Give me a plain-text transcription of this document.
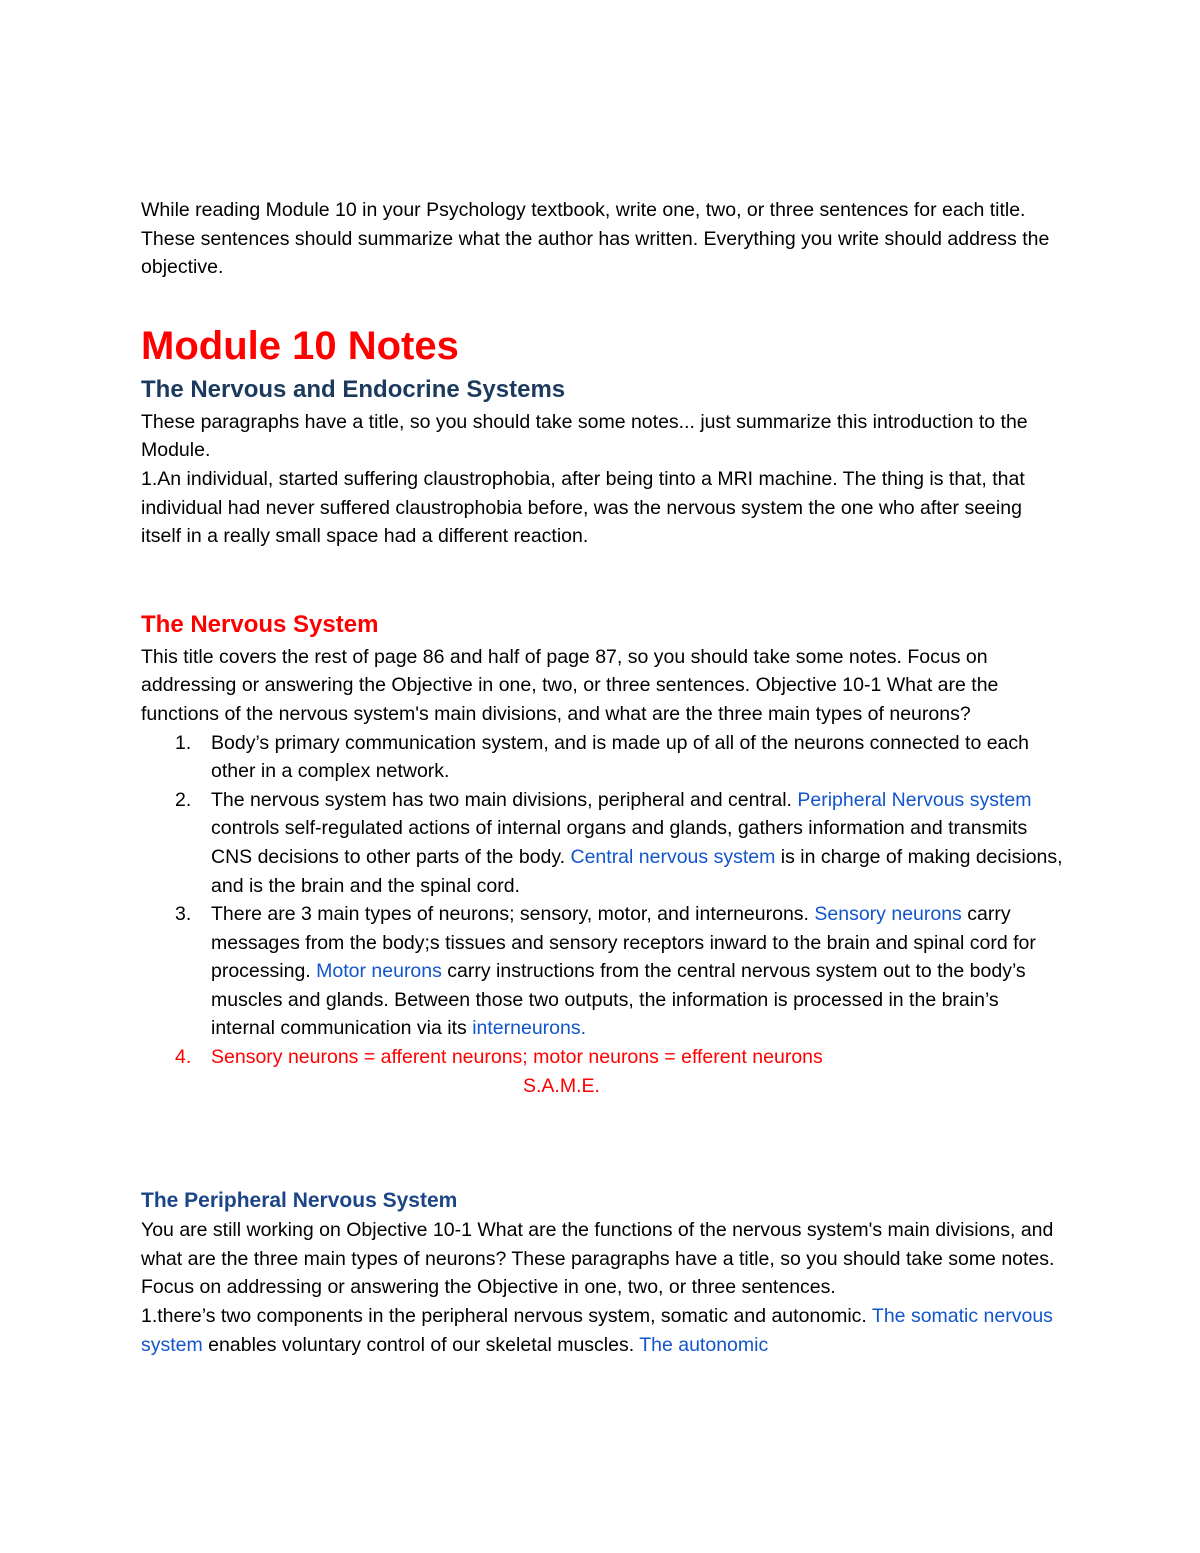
While reading Module 10 in your Psychology textbook, write one, two, or three sentences for each title. These sentences should summarize what the author has written. Everything you write should address the objective.

Module 10 Notes
The Nervous and Endocrine Systems

These paragraphs have a title, so you should take some notes... just summarize this introduction to the Module.

1.An individual, started suffering claustrophobia, after being tinto a MRI machine. The thing is that, that individual had never suffered claustrophobia before, was the nervous system the one who after seeing itself in a really small space had a different reaction.

The Nervous System

This title covers the rest of page 86 and half of page 87, so you should take some notes. Focus on addressing or answering the Objective in one, two, or three sentences. Objective 10-1 What are the functions of the nervous system's main divisions, and what are the three main types of neurons?

1. Body’s primary communication system, and is made up of all of the neurons connected to each other in a complex network.
2. The nervous system has two main divisions, peripheral and central. Peripheral Nervous system controls self-regulated actions of internal organs and glands, gathers information and transmits CNS decisions to other parts of the body. Central nervous system is in charge of making decisions, and is the brain and the spinal cord.
3. There are 3 main types of neurons; sensory, motor, and interneurons. Sensory neurons carry messages from the body;s tissues and sensory receptors inward to the brain and spinal cord for processing. Motor neurons carry instructions from the central nervous system out to the body’s muscles and glands. Between those two outputs, the information is processed in the brain’s internal communication via its interneurons.
4. Sensory neurons = afferent neurons; motor neurons = efferent neurons

S.A.M.E.

The Peripheral Nervous System

You are still working on Objective 10-1 What are the functions of the nervous system's main divisions, and what are the three main types of neurons? These paragraphs have a title, so you should take some notes. Focus on addressing or answering the Objective in one, two, or three sentences.

1.there’s two components in the peripheral nervous system, somatic and autonomic. The somatic nervous system enables voluntary control of our skeletal muscles. The autonomic
